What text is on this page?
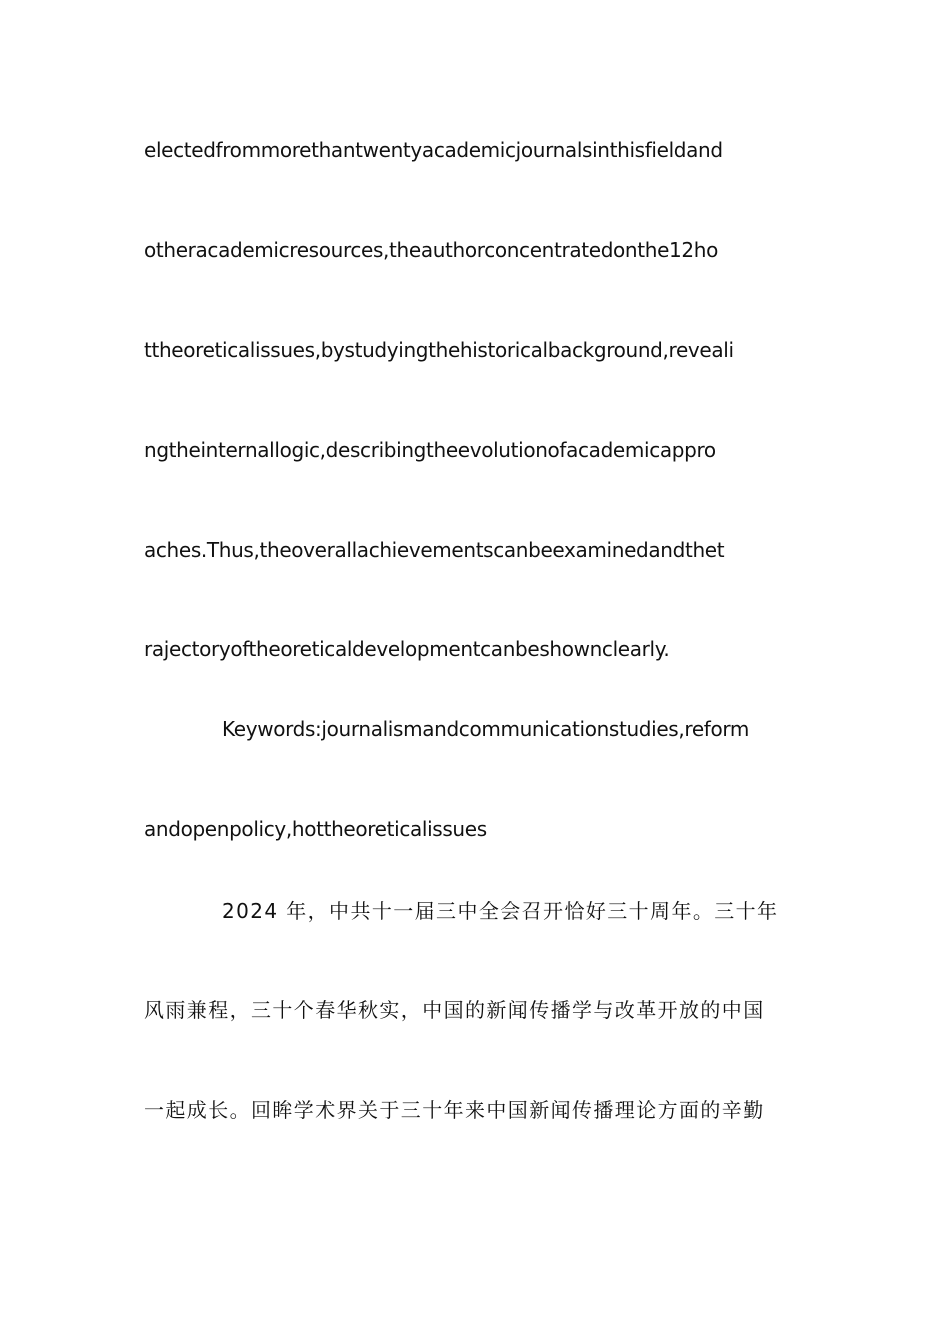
electedfrommorethantwentyacademicjournalsinthisfieldand
otheracademicresources,theauthorconcentratedonthe12ho
ttheoreticalissues,bystudyingthehistoricalbackground,reveali
ngtheinternallogic,describingtheevolutionofacademicappro
aches.Thus,theoverallachievementscanbeexaminedandthet
rajectoryoftheoreticaldevelopmentcanbeshownclearly.
Keywords:journalismandcommunicationstudies,reform
andopenpolicy,hottheoreticalissues
2024 年，中共十一届三中全会召开恰好三十周年。三十年
风雨兼程，三十个春华秋实，中国的新闻传播学与改革开放的中国
一起成长。回眸学术界关于三十年来中国新闻传播理论方面的辛勤
